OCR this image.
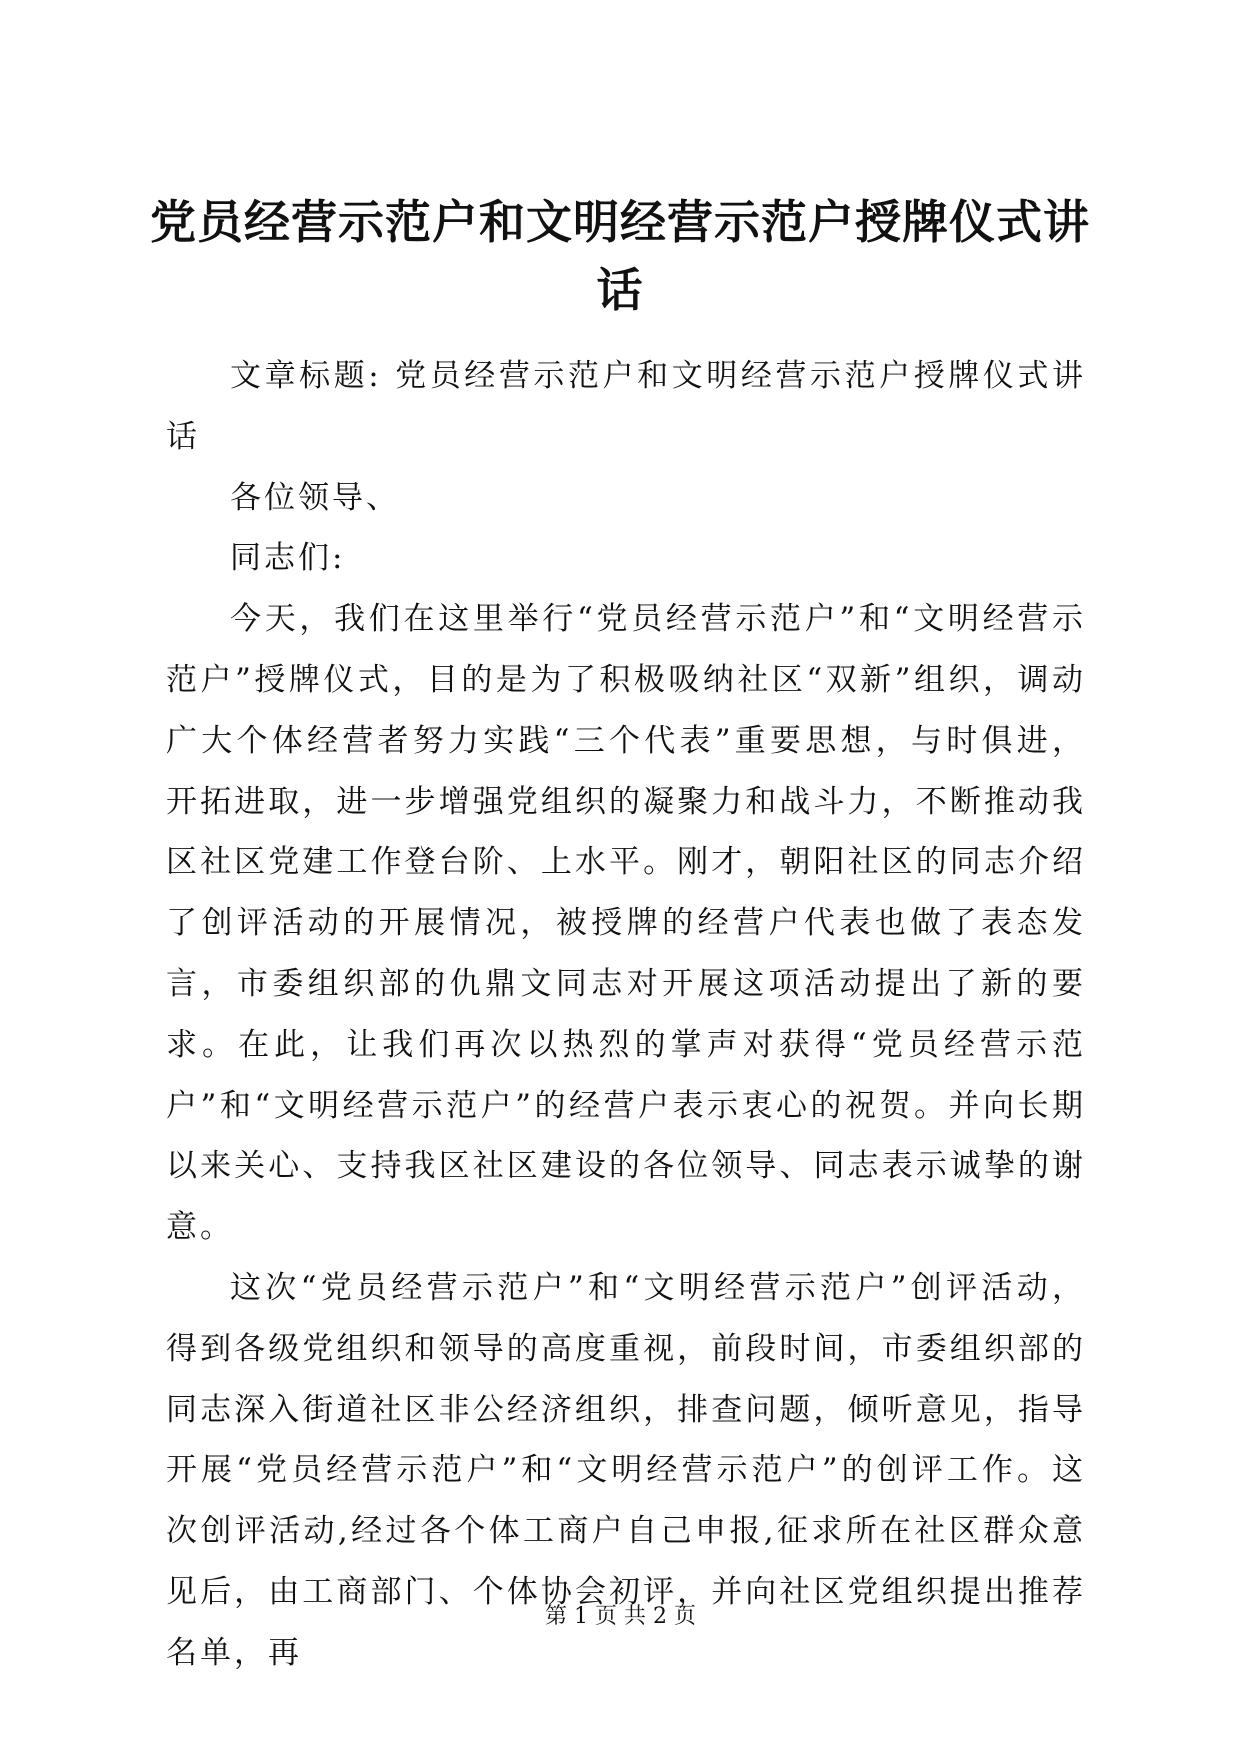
党员经营示范户和文明经营示范户授牌仪式讲话

文章标题: 党员经营示范户和文明经营示范户授牌仪式讲话

各位领导、

同志们:

今天，我们在这里举行“党员经营示范户”和“文明经营示范户”授牌仪式，目的是为了积极吸纳社区“双新”组织，调动广大个体经营者努力实践“三个代表”重要思想，与时俱进，开拓进取，进一步增强党组织的凝聚力和战斗力，不断推动我区社区党建工作登台阶、上水平。刚才，朝阳社区的同志介绍了创评活动的开展情况，被授牌的经营户代表也做了表态发言，市委组织部的仇鼎文同志对开展这项活动提出了新的要求。在此，让我们再次以热烈的掌声对获得“党员经营示范户”和“文明经营示范户”的经营户表示衷心的祝贺。并向长期以来关心、支持我区社区建设的各位领导、同志表示诚挚的谢意。

这次“党员经营示范户”和“文明经营示范户”创评活动，得到各级党组织和领导的高度重视，前段时间，市委组织部的同志深入街道社区非公经济组织，排查问题，倾听意见，指导开展“党员经营示范户”和“文明经营示范户”的创评工作。这次创评活动,经过各个体工商户自己申报,征求所在社区群众意见后，由工商部门、个体协会初评，并向社区党组织提出推荐名单，再

第 1 页 共 2 页
